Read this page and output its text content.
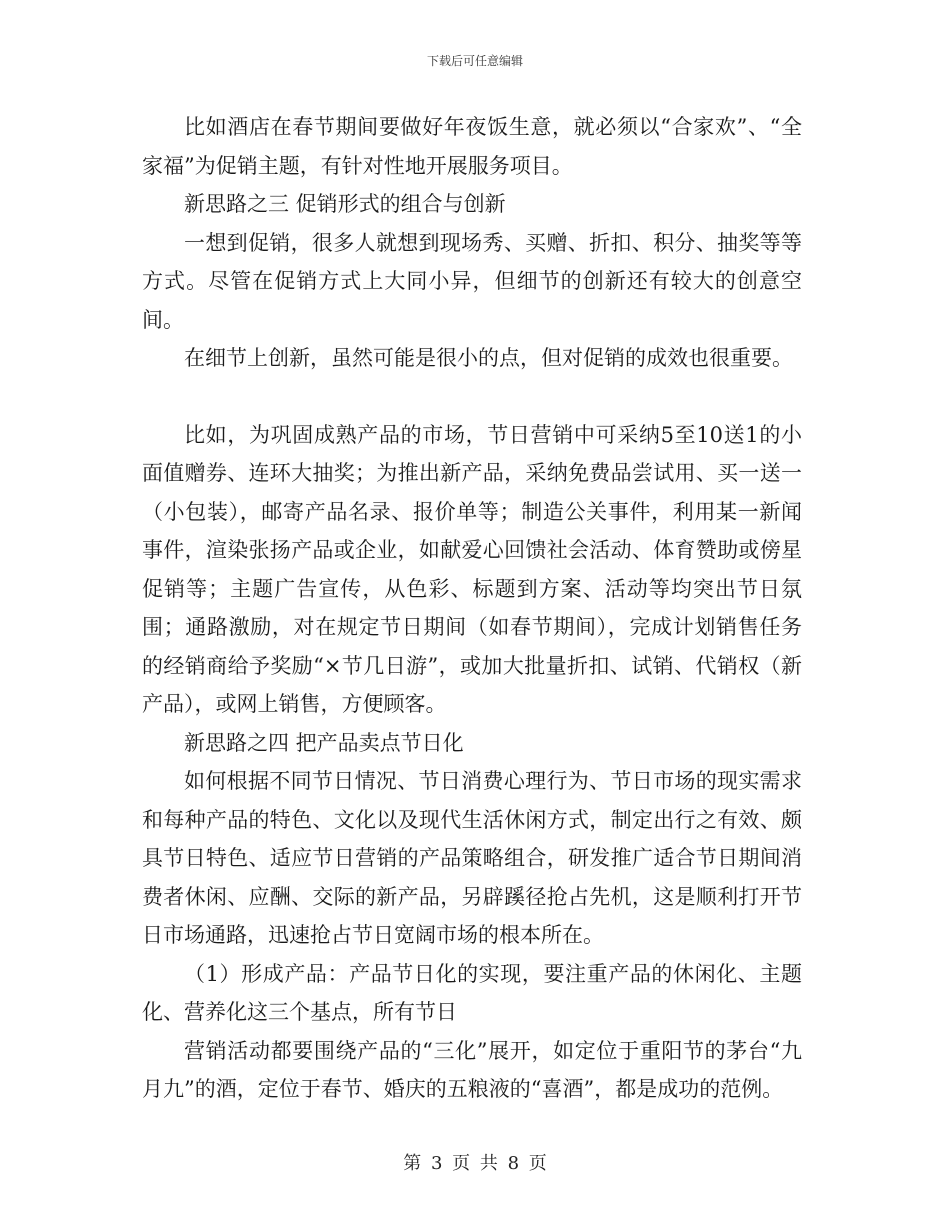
下载后可任意编辑

比如酒店在春节期间要做好年夜饭生意，就必须以“合家欢”、“全家福”为促销主题，有针对性地开展服务项目。

新思路之三 促销形式的组合与创新

一想到促销，很多人就想到现场秀、买赠、折扣、积分、抽奖等等方式。尽管在促销方式上大同小异，但细节的创新还有较大的创意空间。

在细节上创新，虽然可能是很小的点，但对促销的成效也很重要。

比如，为巩固成熟产品的市场，节日营销中可采纳5至10送1的小面值赠券、连环大抽奖；为推出新产品，采纳免费品尝试用、买一送一（小包装），邮寄产品名录、报价单等；制造公关事件，利用某一新闻事件，渲染张扬产品或企业，如献爱心回馈社会活动、体育赞助或傍星促销等；主题广告宣传，从色彩、标题到方案、活动等均突出节日氛围；通路激励，对在规定节日期间（如春节期间），完成计划销售任务的经销商给予奖励“×节几日游”，或加大批量折扣、试销、代销权（新产品），或网上销售，方便顾客。

新思路之四 把产品卖点节日化

如何根据不同节日情况、节日消费心理行为、节日市场的现实需求和每种产品的特色、文化以及现代生活休闲方式，制定出行之有效、颇具节日特色、适应节日营销的产品策略组合，研发推广适合节日期间消费者休闲、应酬、交际的新产品，另辟蹊径抢占先机，这是顺利打开节日市场通路，迅速抢占节日宽阔市场的根本所在。

（1）形成产品：产品节日化的实现，要注重产品的休闲化、主题化、营养化这三个基点，所有节日

营销活动都要围绕产品的“三化”展开，如定位于重阳节的茅台“九月九”的酒，定位于春节、婚庆的五粮液的“喜酒”，都是成功的范例。

第 3 页 共 8 页
